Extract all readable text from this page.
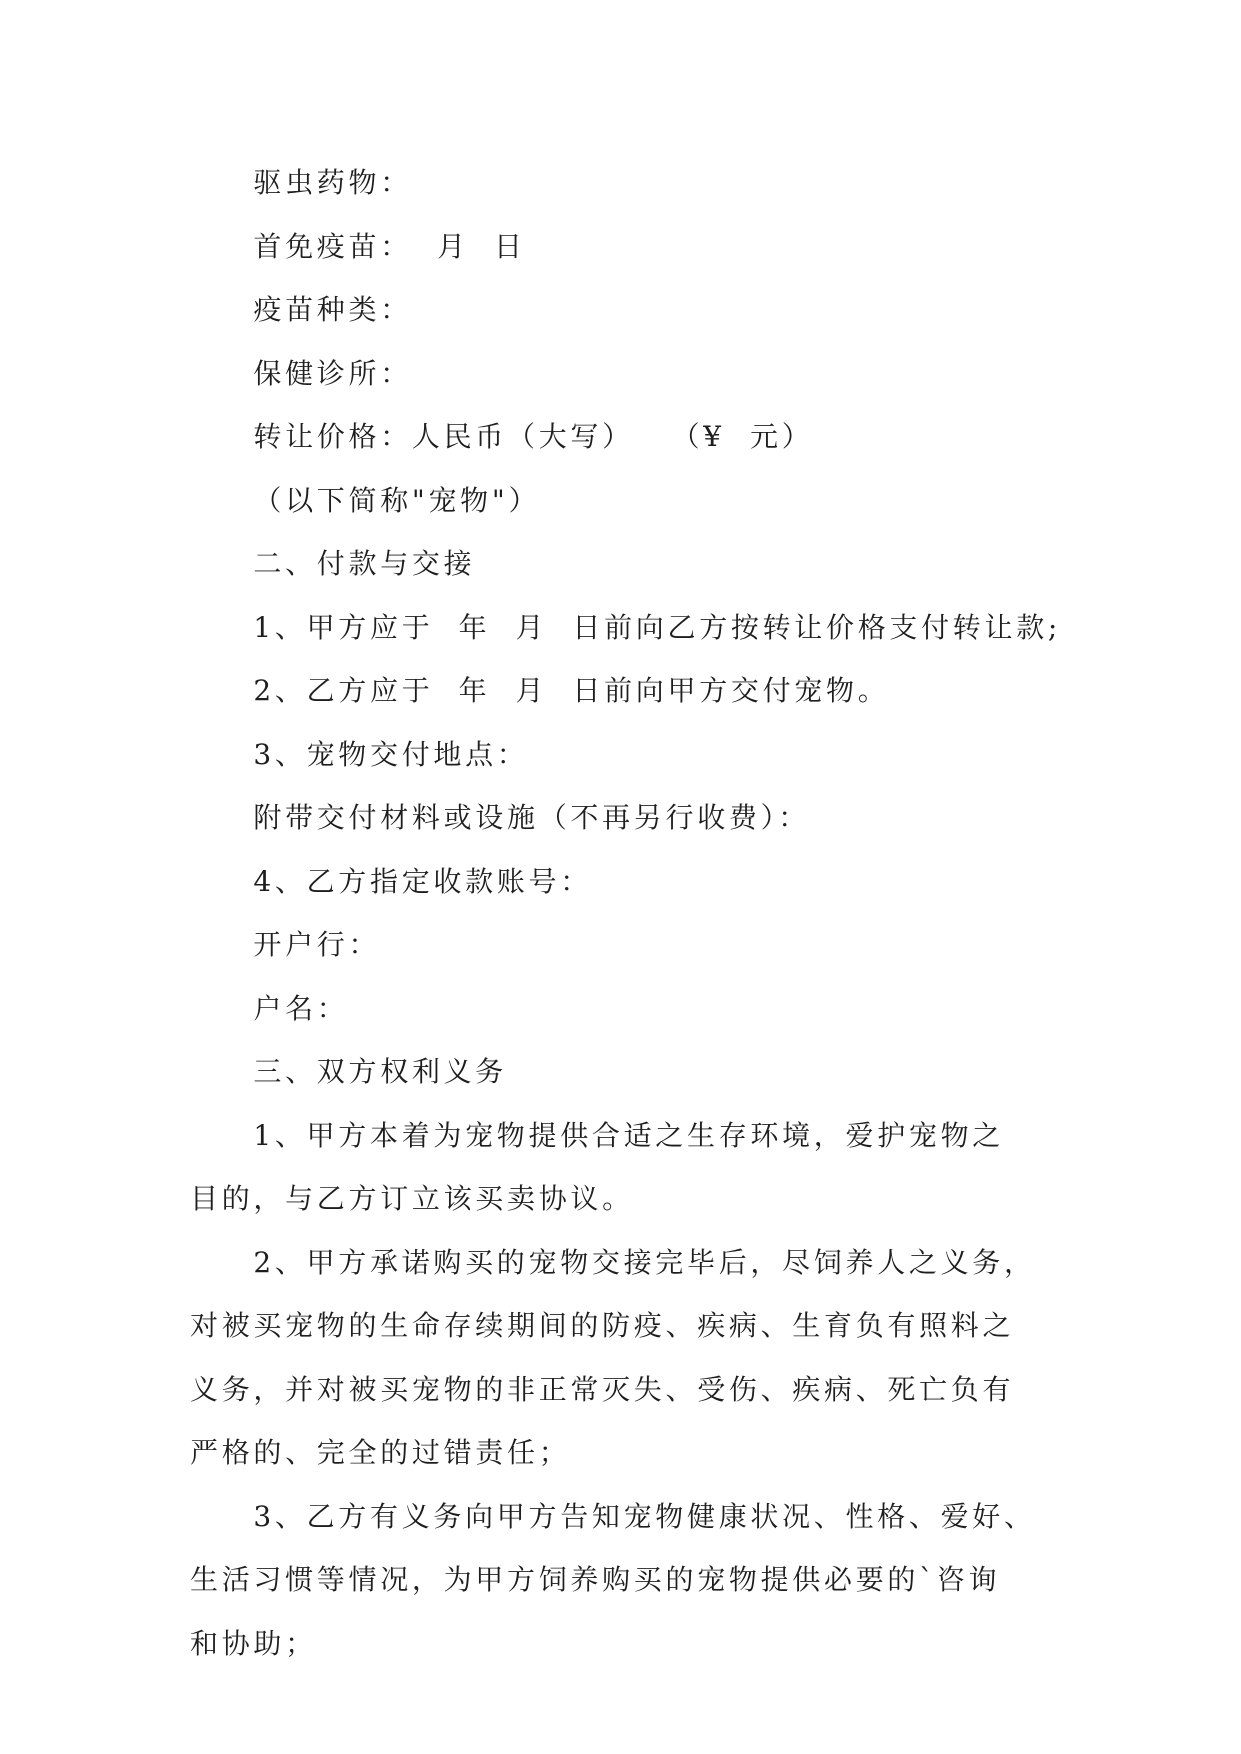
驱虫药物：
首免疫苗：  月  日
疫苗种类：
保健诊所：
转让价格：人民币（大写）   （¥  元）
（以下简称"宠物"）
二、付款与交接
1、甲方应于  年  月  日前向乙方按转让价格支付转让款;
2、乙方应于  年  月  日前向甲方交付宠物。
3、宠物交付地点：
附带交付材料或设施（不再另行收费）：
4、乙方指定收款账号：
开户行：
户名：
三、双方权利义务
1、甲方本着为宠物提供合适之生存环境，爱护宠物之
目的，与乙方订立该买卖协议。
2、甲方承诺购买的宠物交接完毕后，尽饲养人之义务，
对被买宠物的生命存续期间的防疫、疾病、生育负有照料之
义务，并对被买宠物的非正常灭失、受伤、疾病、死亡负有
严格的、完全的过错责任；
3、乙方有义务向甲方告知宠物健康状况、性格、爱好、
生活习惯等情况，为甲方饲养购买的宠物提供必要的`咨询
和协助；
